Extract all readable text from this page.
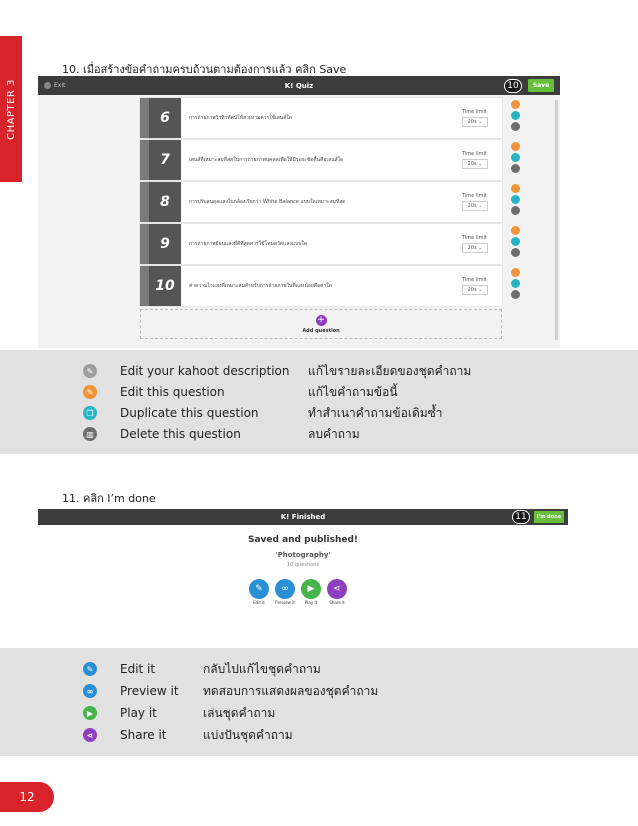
CHAPTER 3
10. เมื่อสร้างข้อคำถามครบถ้วนตามต้องการแล้ว คลิก Save
Exit	K! Quiz	Save
10
6	การถ่ายภาพวิวทิวทัศน์ให้สวยงามควรใช้เลนส์ใด
Time limit
20s ⌄
7	เลนส์ที่เหมาะสมที่สุดในการถ่ายภาพบุคคลเพื่อให้มีระยะชัดตื้นคือเลนส์ใด
Time limit
20s ⌄
8	การปรับสมดุลแสงในกล้องเรียกว่า White Balance แบบใดเหมาะสมที่สุด
Time limit
20s ⌄
9	การถ่ายภาพย้อนแสงที่ดีที่สุดควรใช้โหมดวัดแสงแบบใด
Time limit
20s ⌄
10	ค่าความไวแสงที่เหมาะสมสำหรับการถ่ายภาพในที่แสงน้อยคือค่าใด
Time limit
20s ⌄
+
Add question
✎	Edit your kahoot description แก้ไขรายละเอียดของชุดคำถาม
✎	Edit this question	แก้ไขคำถามข้อนี้
❐ Duplicate this question	ทำสำเนาคำถามข้อเดิมซ้ำ
▥ Delete this question	ลบคำถาม
11. คลิก I’m done
K! Finished	I'm done
11
Saved and published!
'Photography'
10 questions
✎
Edit it
∞
Preview it
▶
Play it
⋖
Share it
✎	Edit it	กลับไปแก้ไขชุดคำถาม
∞	Preview it ทดสอบการแสดงผลของชุดคำถาม
▶	Play it	เล่นชุดคำถาม
⋖	Share it	แบ่งปันชุดคำถาม
12
